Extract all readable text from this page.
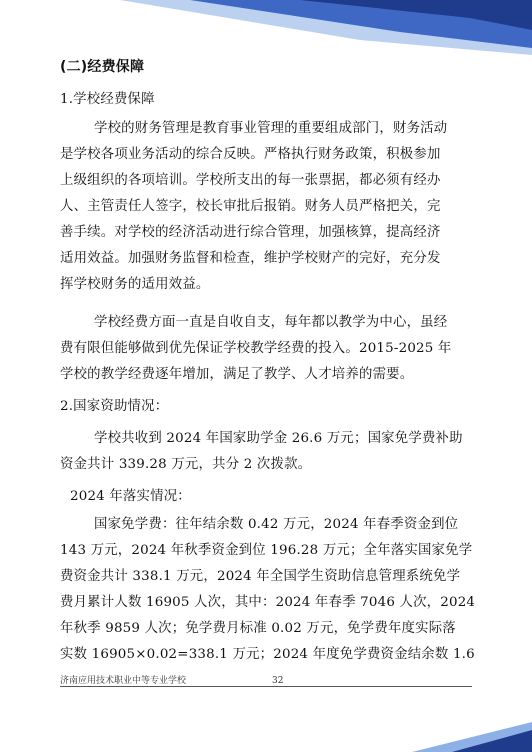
(二)经费保障
1.学校经费保障
学校的财务管理是教育事业管理的重要组成部门，财务活动
是学校各项业务活动的综合反映。严格执行财务政策，积极参加
上级组织的各项培训。学校所支出的每一张票据，都必须有经办
人、主管责任人签字，校长审批后报销。财务人员严格把关，完
善手续。对学校的经济活动进行综合管理，加强核算，提高经济
适用效益。加强财务监督和检查，维护学校财产的完好，充分发
挥学校财务的适用效益。
学校经费方面一直是自收自支，每年都以教学为中心，虽经
费有限但能够做到优先保证学校教学经费的投入。2015-2025 年
学校的教学经费逐年增加，满足了教学、人才培养的需要。
2.国家资助情况：
学校共收到 2024 年国家助学金 26.6 万元；国家免学费补助
资金共计 339.28 万元，共分 2 次拨款。
2024 年落实情况：
国家免学费：往年结余数 0.42 万元，2024 年春季资金到位
143 万元，2024 年秋季资金到位 196.28 万元；全年落实国家免学
费资金共计 338.1 万元，2024 年全国学生资助信息管理系统免学
费月累计人数 16905 人次，其中：2024 年春季 7046 人次，2024
年秋季 9859 人次；免学费月标准 0.02 万元，免学费年度实际落
实数 16905×0.02=338.1 万元；2024 年度免学费资金结余数 1.6
济南应用技术职业中等专业学校	32
